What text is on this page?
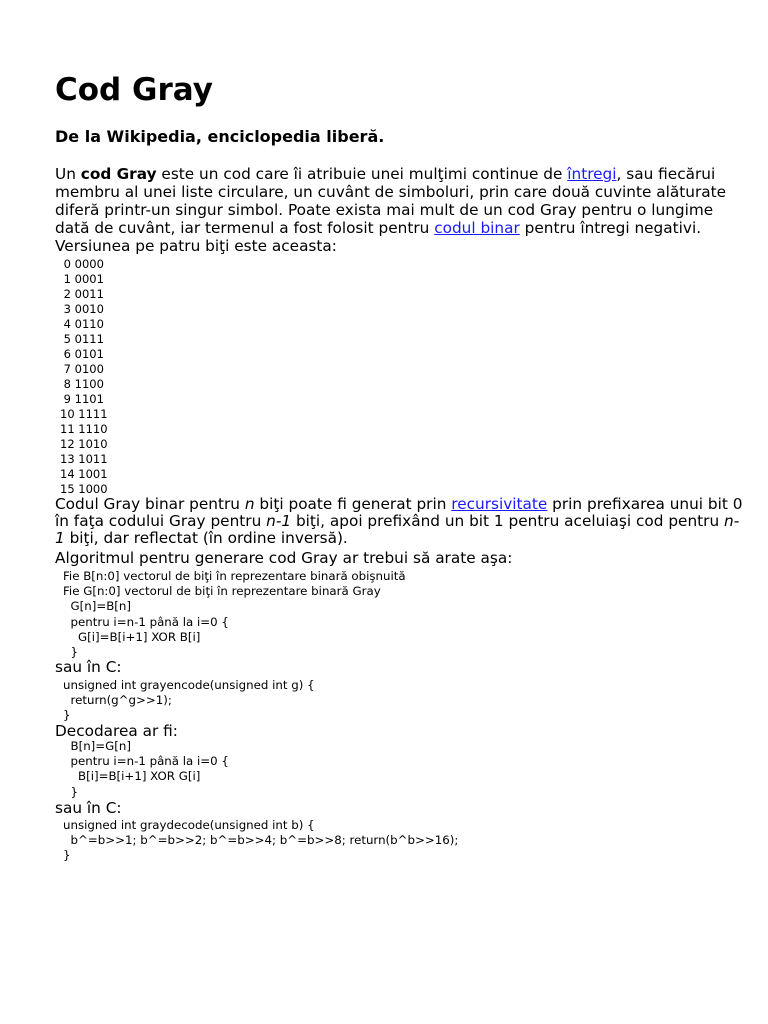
Cod Gray

De la Wikipedia, enciclopedia liberă.

Un cod Gray este un cod care îi atribuie unei mulţimi continue de întregi, sau fiecărui membru al unei liste circulare, un cuvânt de simboluri, prin care două cuvinte alăturate diferă printr-un singur simbol. Poate exista mai mult de un cod Gray pentru o lungime dată de cuvânt, iar termenul a fost folosit pentru codul binar pentru întregi negativi. Versiunea pe patru biţi este aceasta:

0 0000
1 0001
2 0011
3 0010
4 0110
5 0111
6 0101
7 0100
8 1100
9 1101
10 1111
11 1110
12 1010
13 1011
14 1001
15 1000

Codul Gray binar pentru n biţi poate fi generat prin recursivitate prin prefixarea unui bit 0 în faţa codului Gray pentru n-1 biţi, apoi prefixând un bit 1 pentru aceluiaşi cod pentru n-1 biţi, dar reflectat (în ordine inversă).

Algoritmul pentru generare cod Gray ar trebui să arate aşa:

Fie B[n:0] vectorul de biţi în reprezentare binară obişnuită
Fie G[n:0] vectorul de biţi în reprezentare binară Gray
G[n]=B[n]
pentru i=n-1 până la i=0 {
G[i]=B[i+1] XOR B[i]
}

sau în C:

unsigned int grayencode(unsigned int g) {
return(g^g>>1);
}

Decodarea ar fi:

B[n]=G[n]
pentru i=n-1 până la i=0 {
B[i]=B[i+1] XOR G[i]
}

sau în C:

unsigned int graydecode(unsigned int b) {
b^=b>>1; b^=b>>2; b^=b>>4; b^=b>>8; return(b^b>>16);
}
